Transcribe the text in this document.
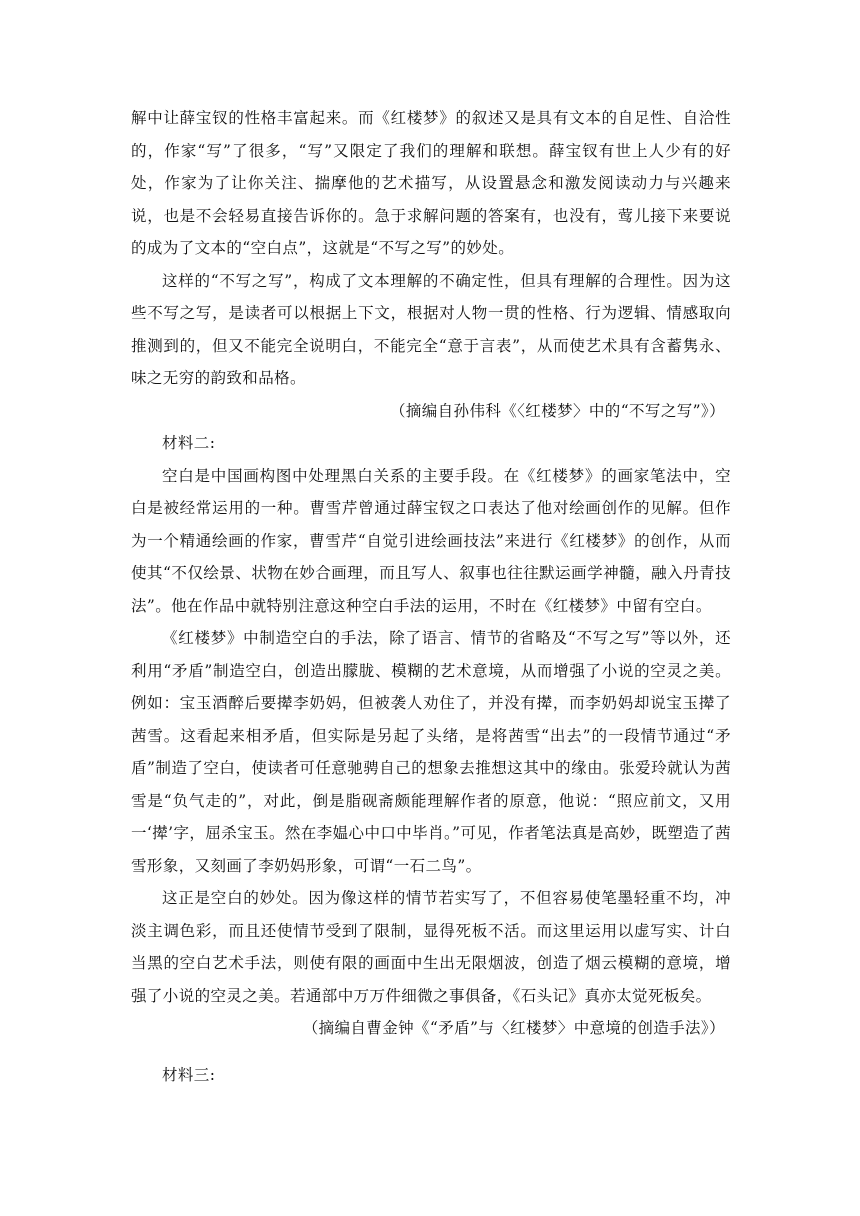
解中让薛宝钗的性格丰富起来。而《红楼梦》的叙述又是具有文本的自足性、自洽性的，作家“写”了很多，“写”又限定了我们的理解和联想。薛宝钗有世上人少有的好处，作家为了让你关注、揣摩他的艺术描写，从设置悬念和激发阅读动力与兴趣来说，也是不会轻易直接告诉你的。急于求解问题的答案有，也没有，莺儿接下来要说的成为了文本的“空白点”，这就是“不写之写”的妙处。

这样的“不写之写”，构成了文本理解的不确定性，但具有理解的合理性。因为这些不写之写，是读者可以根据上下文，根据对人物一贯的性格、行为逻辑、情感取向推测到的，但又不能完全说明白，不能完全“意于言表”，从而使艺术具有含蓄隽永、味之无穷的韵致和品格。

（摘编自孙伟科《〈红楼梦〉中的“不写之写”》）

材料二:

空白是中国画构图中处理黑白关系的主要手段。在《红楼梦》的画家笔法中，空白是被经常运用的一种。曹雪芹曾通过薛宝钗之口表达了他对绘画创作的见解。但作为一个精通绘画的作家，曹雪芹“自觉引进绘画技法”来进行《红楼梦》的创作，从而使其“不仅绘景、状物在妙合画理，而且写人、叙事也往往默运画学神髓，融入丹青技法”。他在作品中就特别注意这种空白手法的运用，不时在《红楼梦》中留有空白。

《红楼梦》中制造空白的手法，除了语言、情节的省略及“不写之写”等以外，还利用“矛盾”制造空白，创造出朦胧、模糊的艺术意境，从而增强了小说的空灵之美。例如：宝玉酒醉后要撵李奶妈，但被袭人劝住了，并没有撵，而李奶妈却说宝玉撵了茜雪。这看起来相矛盾，但实际是另起了头绪，是将茜雪“出去”的一段情节通过“矛盾”制造了空白，使读者可任意驰骋自己的想象去推想这其中的缘由。张爱玲就认为茜雪是“负气走的”，对此，倒是脂砚斋颇能理解作者的原意，他说：“照应前文，又用一‘撵’字，屈杀宝玉。然在李媪心中口中毕肖。”可见，作者笔法真是高妙，既塑造了茜雪形象，又刻画了李奶妈形象，可谓“一石二鸟”。

这正是空白的妙处。因为像这样的情节若实写了，不但容易使笔墨轻重不均，冲淡主调色彩，而且还使情节受到了限制，显得死板不活。而这里运用以虚写实、计白当黑的空白艺术手法，则使有限的画面中生出无限烟波，创造了烟云模糊的意境，增强了小说的空灵之美。若通部中万万件细微之事俱备，《石头记》真亦太觉死板矣。

（摘编自曹金钟《“矛盾”与〈红楼梦〉中意境的创造手法》）

材料三:
